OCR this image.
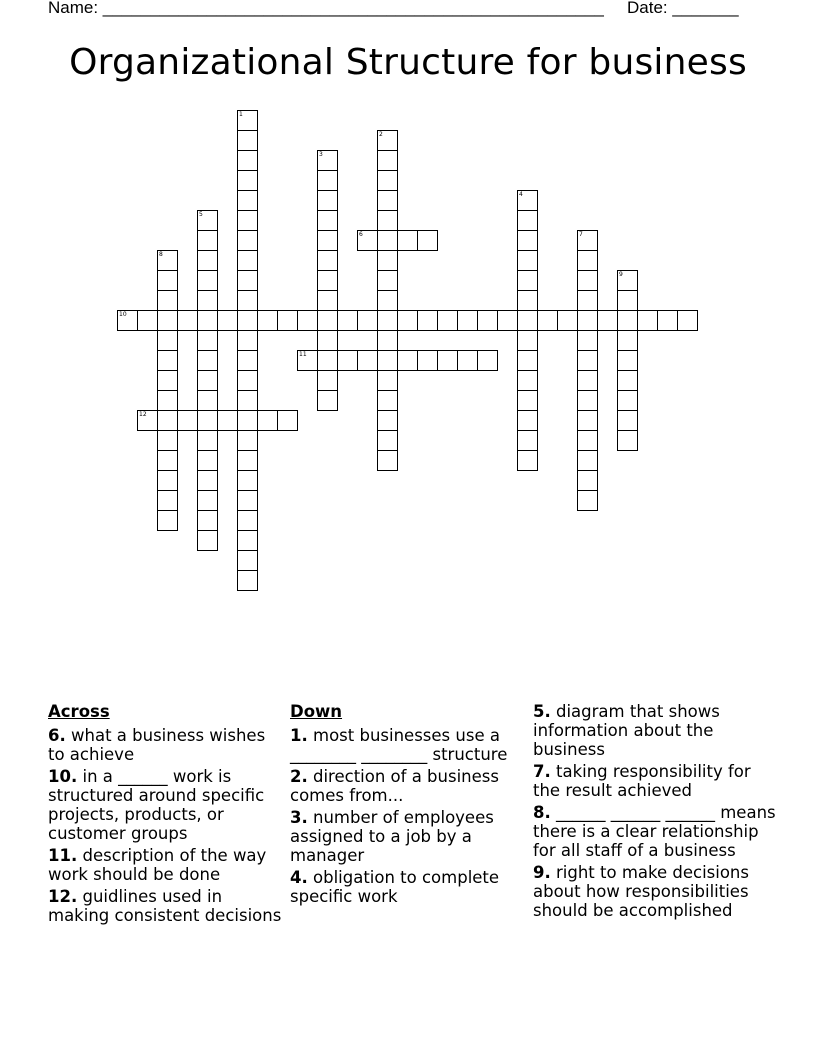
Name: _____________________________________________________ Date: _______
Organizational Structure for business
1
2
3
4
5
6	7
8
9
10
11
12
Across
6. what a business wishes to achieve
10. in a ______ work is structured around specific projects, products, or customer groups
11. description of the way work should be done
12. guidlines used in making consistent decisions
Down
1. most businesses use a ________ ________ structure
2. direction of a business comes from...
3. number of employees assigned to a job by a manager
4. obligation to complete specific work
5. diagram that shows information about the business
7. taking responsibility for the result achieved
8. ______ ______ ______ means there is a clear relationship for all staff of a business
9. right to make decisions about how responsibilities should be accomplished
